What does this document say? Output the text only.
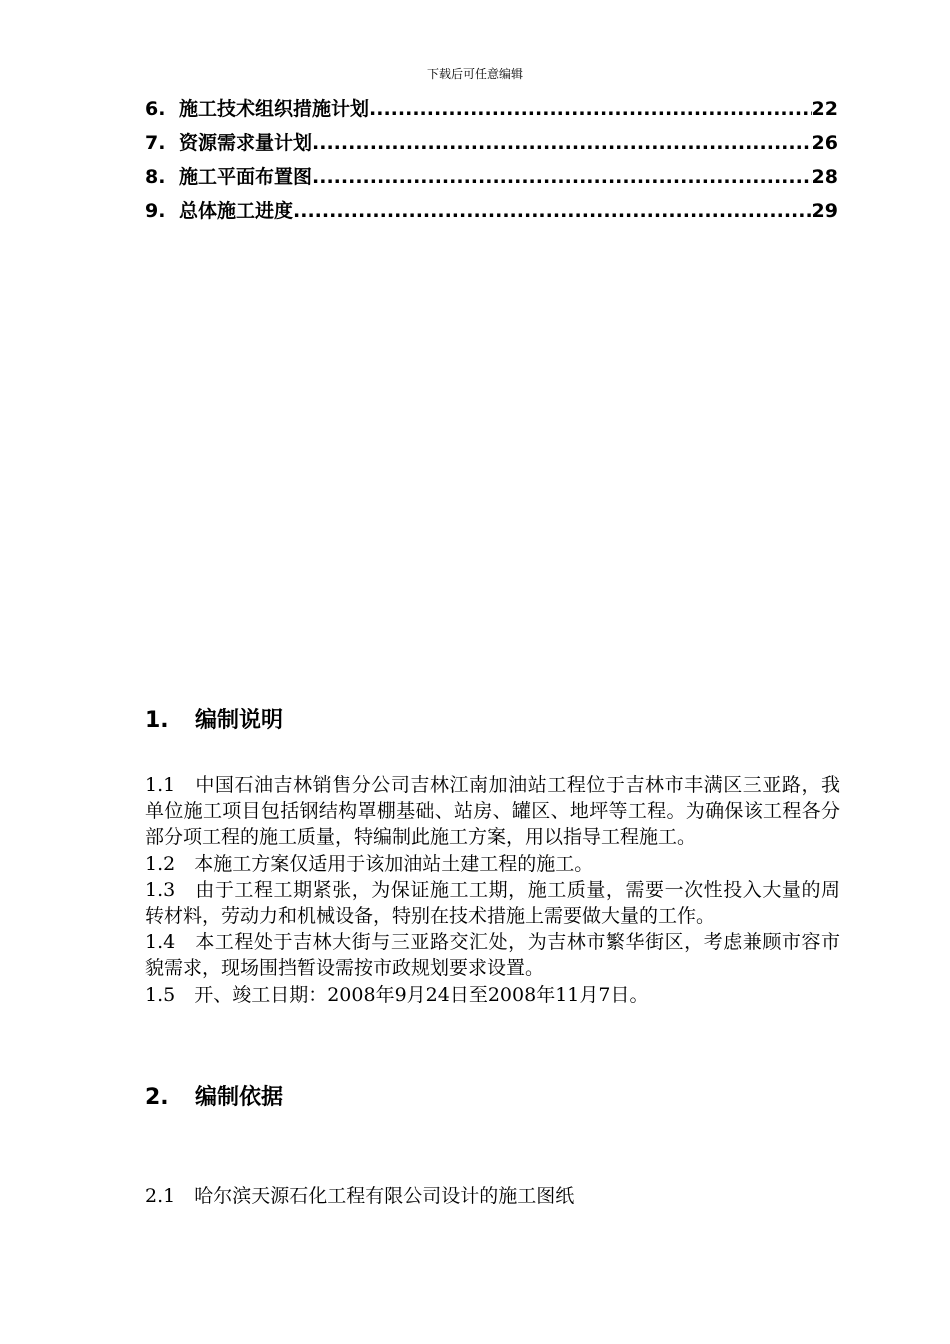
下载后可任意编辑
6. 施工技术组织措施计划 .....	22
7. 资源需求量计划 .....	26
8. 施工平面布置图 .....	28
9. 总体施工进度 .....	29
1.	编制说明

1.1　中国石油吉林销售分公司吉林江南加油站工程位于吉林市丰满区三亚路，我单位施工项目包括钢结构罩棚基础、站房、罐区、地坪等工程。为确保该工程各分部分项工程的施工质量，特编制此施工方案，用以指导工程施工。

1.2　本施工方案仅适用于该加油站土建工程的施工。

1.3　由于工程工期紧张，为保证施工工期，施工质量，需要一次性投入大量的周转材料，劳动力和机械设备，特别在技术措施上需要做大量的工作。

1.4　本工程处于吉林大街与三亚路交汇处，为吉林市繁华街区，考虑兼顾市容市貌需求，现场围挡暂设需按市政规划要求设置。

1.5　开、竣工日期：2008年9月24日至2008年11月7日。

2.	编制依据

2.1　哈尔滨天源石化工程有限公司设计的施工图纸
